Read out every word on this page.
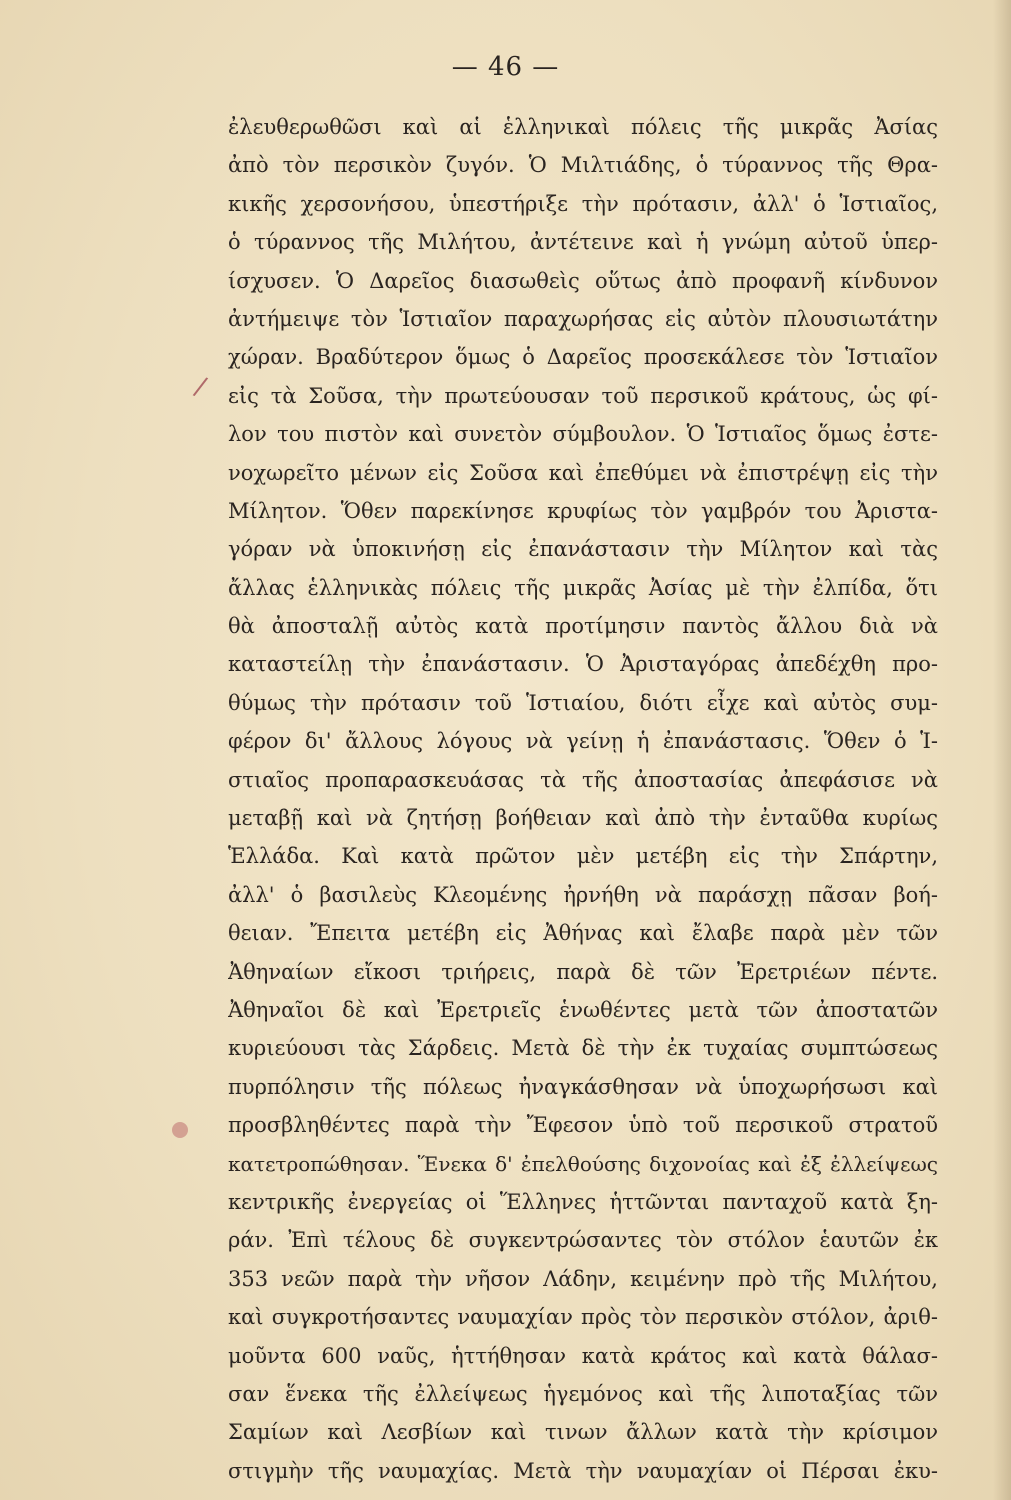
— 46 —
/
ἐλευθερωθῶσι καὶ αἱ ἑλληνικαὶ πόλεις τῆς μικρᾶς Ἀσίας
ἀπὸ τὸν περσικὸν ζυγόν. Ὁ Μιλτιάδης, ὁ τύραννος τῆς Θρα-
κικῆς χερσονήσου, ὑπεστήριξε τὴν πρότασιν, ἀλλ' ὁ Ἱστιαῖος,
ὁ τύραννος τῆς Μιλήτου, ἀντέτεινε καὶ ἡ γνώμη αὐτοῦ ὑπερ-
ίσχυσεν. Ὁ Δαρεῖος διασωθεὶς οὕτως ἀπὸ προφανῆ κίνδυνον
ἀντήμειψε τὸν Ἱστιαῖον παραχωρήσας εἰς αὐτὸν πλουσιωτάτην
χώραν. Βραδύτερον ὅμως ὁ Δαρεῖος προσεκάλεσε τὸν Ἱστιαῖον
εἰς τὰ Σοῦσα, τὴν πρωτεύουσαν τοῦ περσικοῦ κράτους, ὡς φί-
λον του πιστὸν καὶ συνετὸν σύμβουλον. Ὁ Ἱστιαῖος ὅμως ἐστε-
νοχωρεῖτο μένων εἰς Σοῦσα καὶ ἐπεθύμει νὰ ἐπιστρέψῃ εἰς τὴν
Μίλητον. Ὅθεν παρεκίνησε κρυφίως τὸν γαμβρόν του Ἀριστα-
γόραν νὰ ὑποκινήσῃ εἰς ἐπανάστασιν τὴν Μίλητον καὶ τὰς
ἄλλας ἑλληνικὰς πόλεις τῆς μικρᾶς Ἀσίας μὲ τὴν ἐλπίδα, ὅτι
θὰ ἀποσταλῇ αὐτὸς κατὰ προτίμησιν παντὸς ἄλλου διὰ νὰ
καταστείλῃ τὴν ἐπανάστασιν. Ὁ Ἀρισταγόρας ἀπεδέχθη προ-
θύμως τὴν πρότασιν τοῦ Ἱστιαίου, διότι εἶχε καὶ αὐτὸς συμ-
φέρον δι' ἄλλους λόγους νὰ γείνῃ ἡ ἐπανάστασις. Ὅθεν ὁ Ἱ-
στιαῖος προπαρασκευάσας τὰ τῆς ἀποστασίας ἀπεφάσισε νὰ
μεταβῇ καὶ νὰ ζητήσῃ βοήθειαν καὶ ἀπὸ τὴν ἐνταῦθα κυρίως
Ἑλλάδα. Καὶ κατὰ πρῶτον μὲν μετέβη εἰς τὴν Σπάρτην,
ἀλλ' ὁ βασιλεὺς Κλεομένης ἠρνήθη νὰ παράσχῃ πᾶσαν βοή-
θειαν. Ἔπειτα μετέβη εἰς Ἀθήνας καὶ ἔλαβε παρὰ μὲν τῶν
Ἀθηναίων εἴκοσι τριήρεις, παρὰ δὲ τῶν Ἐρετριέων πέντε.
Ἀθηναῖοι δὲ καὶ Ἐρετριεῖς ἑνωθέντες μετὰ τῶν ἀποστατῶν
κυριεύουσι τὰς Σάρδεις. Μετὰ δὲ τὴν ἐκ τυχαίας συμπτώσεως
πυρπόλησιν τῆς πόλεως ἠναγκάσθησαν νὰ ὑποχωρήσωσι καὶ
προσβληθέντες παρὰ τὴν Ἔφεσον ὑπὸ τοῦ περσικοῦ στρατοῦ
κατετροπώθησαν. Ἕνεκα δ' ἐπελθούσης διχονοίας καὶ ἐξ ἐλλείψεως
κεντρικῆς ἐνεργείας οἱ Ἕλληνες ἡττῶνται πανταχοῦ κατὰ ξη-
ράν. Ἐπὶ τέλους δὲ συγκεντρώσαντες τὸν στόλον ἑαυτῶν ἐκ
353 νεῶν παρὰ τὴν νῆσον Λάδην, κειμένην πρὸ τῆς Μιλήτου,
καὶ συγκροτήσαντες ναυμαχίαν πρὸς τὸν περσικὸν στόλον, ἀριθ-
μοῦντα 600 ναῦς, ἡττήθησαν κατὰ κράτος καὶ κατὰ θάλασ-
σαν ἕνεκα τῆς ἐλλείψεως ἡγεμόνος καὶ τῆς λιποταξίας τῶν
Σαμίων καὶ Λεσβίων καὶ τινων ἄλλων κατὰ τὴν κρίσιμον
στιγμὴν τῆς ναυμαχίας. Μετὰ τὴν ναυμαχίαν οἱ Πέρσαι ἐκυ-
